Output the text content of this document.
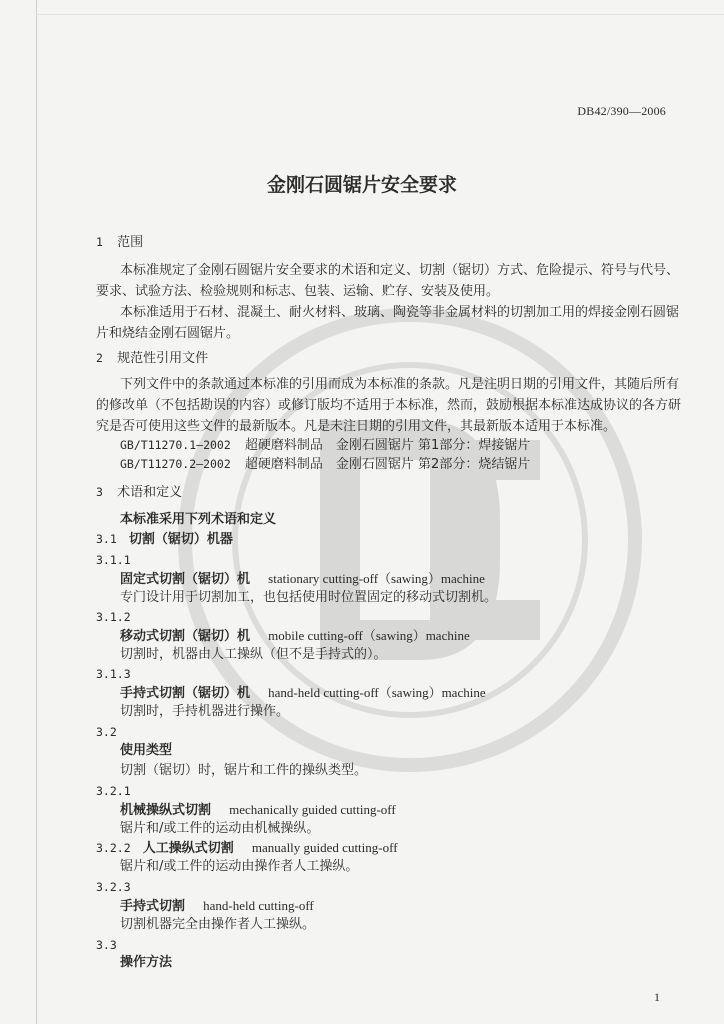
DB42/390—2006
金刚石圆锯片安全要求
1 范围
本标准规定了金刚石圆锯片安全要求的术语和定义、切割（锯切）方式、危险提示、符号与代号、
要求、试验方法、检验规则和标志、包装、运输、贮存、安装及使用。
本标准适用于石材、混凝土、耐火材料、玻璃、陶瓷等非金属材料的切割加工用的焊接金刚石圆锯
片和烧结金刚石圆锯片。
2 规范性引用文件
下列文件中的条款通过本标准的引用而成为本标准的条款。凡是注明日期的引用文件，其随后所有
的修改单（不包括勘误的内容）或修订版均不适用于本标准，然而，鼓励根据本标准达成协议的各方研
究是否可使用这些文件的最新版本。凡是未注日期的引用文件，其最新版本适用于本标准。
GB/T11270.1—2002 超硬磨料制品　金刚石圆锯片 第1部分：焊接锯片
GB/T11270.2—2002 超硬磨料制品　金刚石圆锯片 第2部分：烧结锯片
3 术语和定义
本标准采用下列术语和定义
3.1 切割（锯切）机器
3.1.1
固定式切割（锯切）机 stationary cutting-off（sawing）machine
专门设计用于切割加工，也包括使用时位置固定的移动式切割机。
3.1.2
移动式切割（锯切）机 mobile cutting-off（sawing）machine
切割时，机器由人工操纵（但不是手持式的）。
3.1.3
手持式切割（锯切）机 hand-held cutting-off（sawing）machine
切割时，手持机器进行操作。
3.2
使用类型
切割（锯切）时，锯片和工件的操纵类型。
3.2.1
机械操纵式切割 mechanically guided cutting-off
锯片和/或工件的运动由机械操纵。
3.2.2 人工操纵式切割 manually guided cutting-off
锯片和/或工件的运动由操作者人工操纵。
3.2.3
手持式切割 hand-held cutting-off
切割机器完全由操作者人工操纵。
3.3
操作方法
1
